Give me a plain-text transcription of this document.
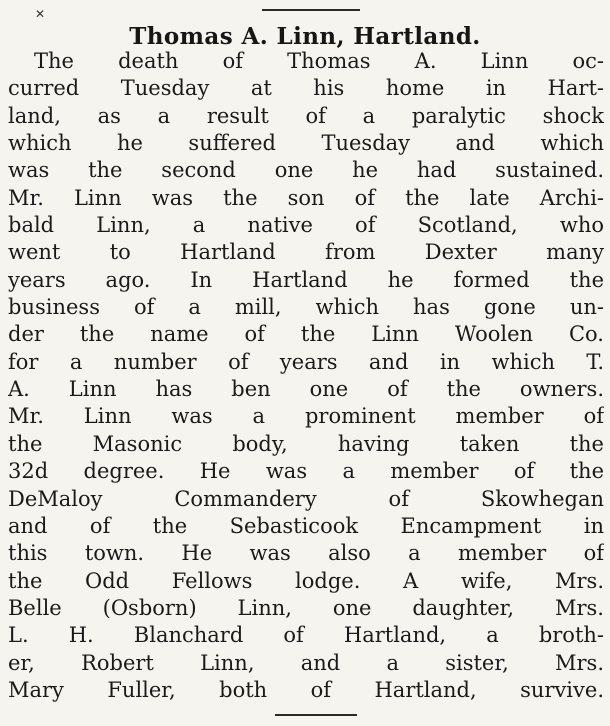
✕
Thomas A. Linn, Hartland.
The death of Thomas A. Linn oc-
curred Tuesday at his home in Hart-
land, as a result of a paralytic shock
which he suffered Tuesday and which
was the second one he had sustained.
Mr. Linn was the son of the late Archi-
bald Linn, a native of Scotland, who
went to Hartland from Dexter many
years ago. In Hartland he formed the
business of a mill, which has gone un-
der the name of the Linn Woolen Co.
for a number of years and in which T.
A. Linn has ben one of the owners.
Mr. Linn was a prominent member of
the Masonic body, having taken the
32d degree. He was a member of the
DeMaloy Commandery of Skowhegan
and of the Sebasticook Encampment in
this town. He was also a member of
the Odd Fellows lodge. A wife, Mrs.
Belle (Osborn) Linn, one daughter, Mrs.
L. H. Blanchard of Hartland, a broth-
er, Robert Linn, and a sister, Mrs.
Mary Fuller, both of Hartland, survive.
